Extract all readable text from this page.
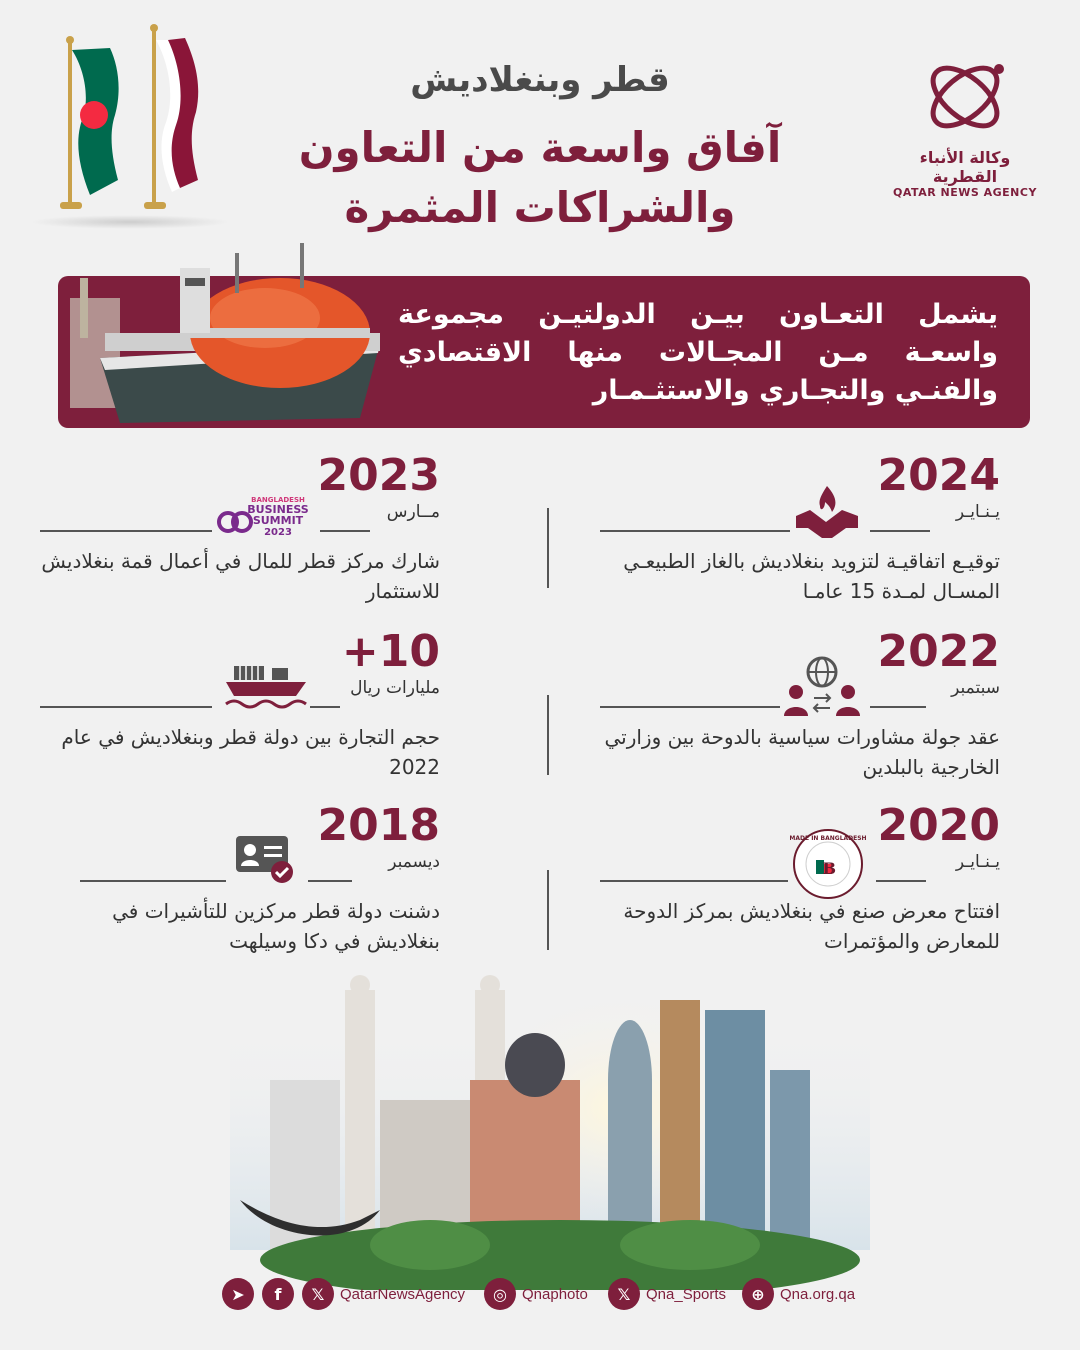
قطر وبنغلاديش
آفاق واسعة من التعاون
والشراكات المثمرة
وكالة الأنباء القطرية
QATAR NEWS AGENCY
يشمل التعـاون بيـن الدولتيـن مجموعة واسعـة مـن المجـالات منها الاقتصادي والفنـي والتجـاري والاستثـمـار
2024
يـنـايـر
توقيـع اتفاقيـة لتزويد بنغلاديش بالغاز الطبيعـي المسـال لمـدة 15 عامـا
2023
مــارس
BANGLADESH
BUSINESS
SUMMIT
2023
شارك مركز قطر للمال في أعمال قمة بنغلاديش للاستثمار
2022
سبتمبر
عقد جولة مشاورات سياسية بالدوحة بين وزارتي الخارجية بالبلدين
+10
مليارات ريال
حجم التجارة بين دولة قطر وبنغلاديش في عام 2022
2020
يـنـايـر
MADE IN BANGLADESH
B
افتتاح معرض صنع في بنغلاديش بمركز الدوحة للمعارض والمؤتمرات
2018
ديسمبر
دشنت دولة قطر مركزين للتأشيرات في بنغلاديش في دكا وسيلهت
➤	f	𝕏	QatarNewsAgency	◎	Qnaphoto	𝕏	Qna_Sports	⊕	Qna.org.qa
